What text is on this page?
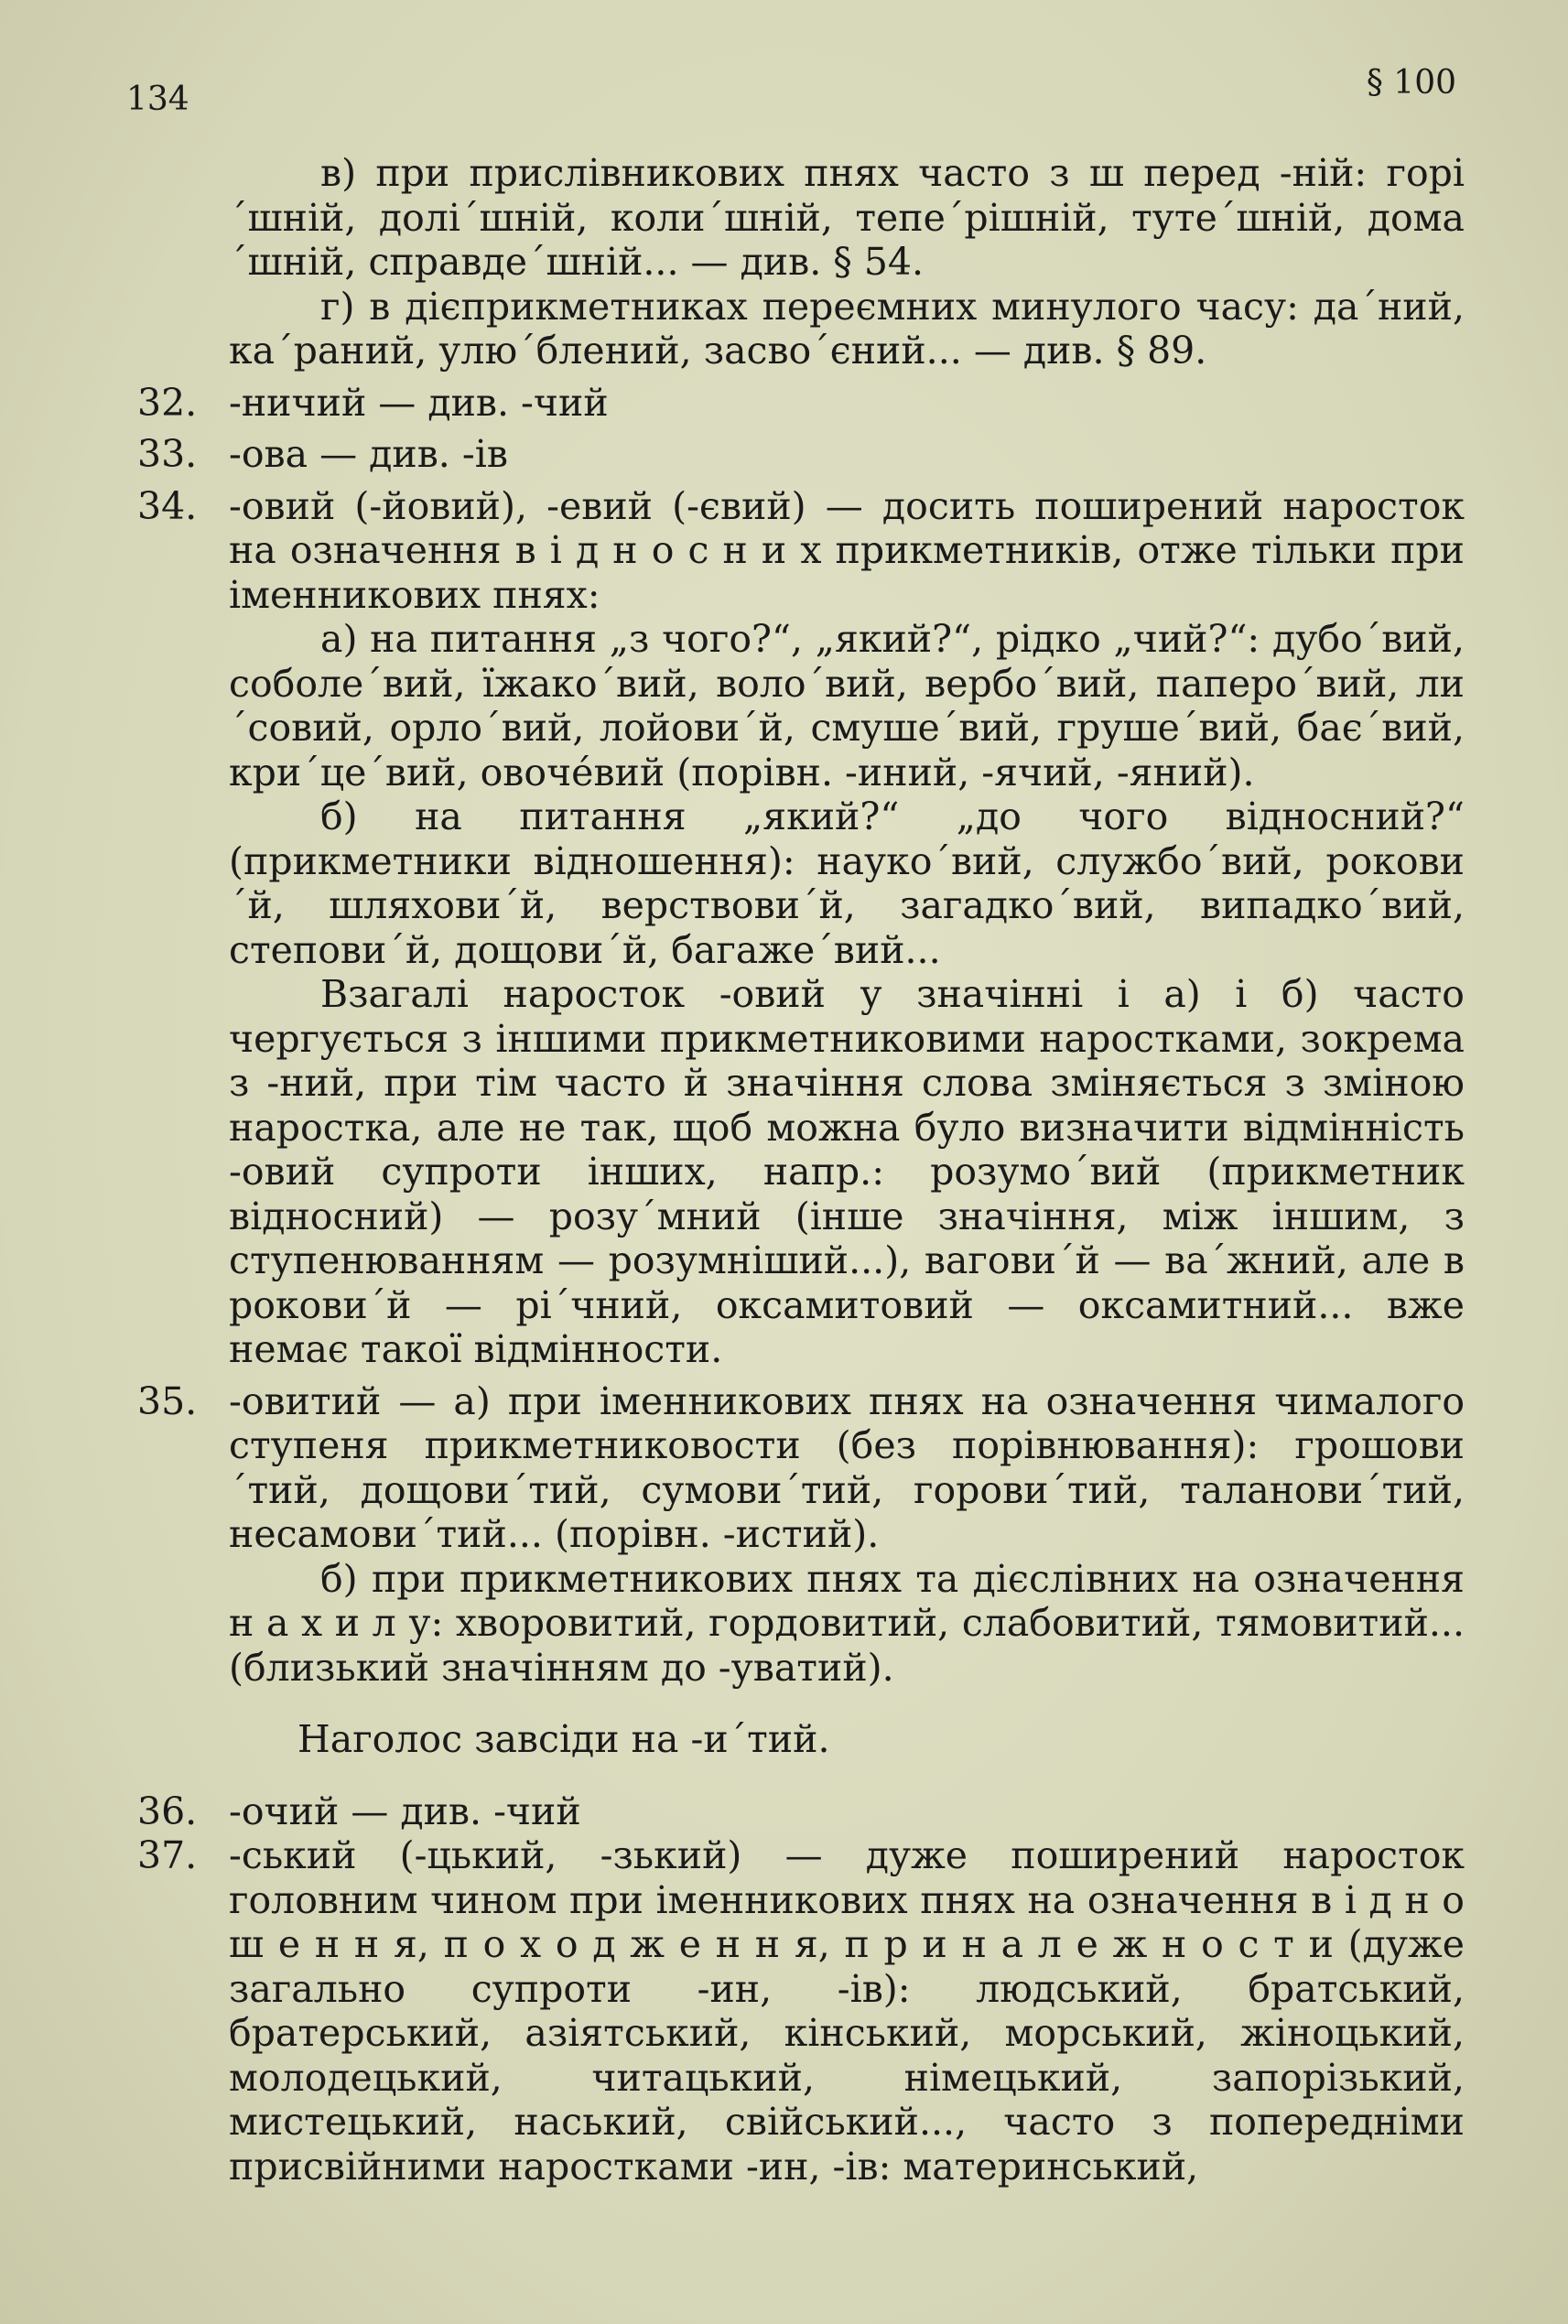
134	§ 100

в) при прислівникових пнях часто з ш перед -ній: горі´шній, долі´шній, коли´шній, тепе´рішній, туте´шній, дома´шній, справде´шній... — див. § 54.

г) в дієприкметниках переємних минулого часу: да´ний, ка´раний, улю´блений, засво´єний... — див. § 89.

32. -ничий — див. -чий
33. -ова — див. -ів
34. -овий (-йовий), -евий (-євий) — досить поширений наросток на означення в і д н о с н и х прикметників, отже тільки при іменникових пнях:

а) на питання „з чого?“, „який?“, рідко „чий?“: дубо´вий, соболе´вий, їжако´вий, воло´вий, вербо´вий, паперо´вий, ли´совий, орло´вий, лойови´й, смуше´вий, груше´вий, бає´вий, кри´це´вий, овоче́вий (порівн. -иний, -ячий, -яний).

б) на питання „який?“ „до чого відносний?“ (прикметники відношення): науко´вий, службо´вий, рокови´й, шляхови´й, верствови´й, загадко´вий, випадко´вий, степови´й, дощови´й, багаже´вий...

Взагалі наросток -овий у значінні і а) і б) часто чергується з іншими прикметниковими наростками, зокрема з -ний, при тім часто й значіння слова зміняється з зміною наростка, але не так, щоб можна було визначити відмінність -овий супроти інших, напр.: розумо´вий (прикметник відносний) — розу´мний (інше значіння, між іншим, з ступенюванням — розумніший...), вагови´й — ва´жний, але в рокови´й — рі´чний, оксамитовий — оксамитний... вже немає такої відмінности.

35. -овитий — а) при іменникових пнях на означення чималого ступеня прикметниковости (без порівнювання): грошови´тий, дощови´тий, сумови´тий, горови´тий, таланови´тий, несамови´тий... (порівн. -истий).

б) при прикметникових пнях та дієслівних на означення н а х и л у: хворовитий, гордовитий, слабовитий, тямовитий... (близький значінням до -уватий).

Наголос завсіди на -и´тий.

36. -очий — див. -чий
37. -ський (-цький, -зький) — дуже поширений наросток головним чином при іменникових пнях на означення в і д н о ш е н н я, п о х о д ж е н н я, п р и н а л е ж н о с т и (дуже загально супроти -ин, -ів): людський, братський, братерський, азіятський, кінський, морський, жіноцький, молодецький, читацький, німецький, запорізький, мистецький, наський, свійський..., часто з попередніми присвійними наростками -ин, -ів: материнський,
